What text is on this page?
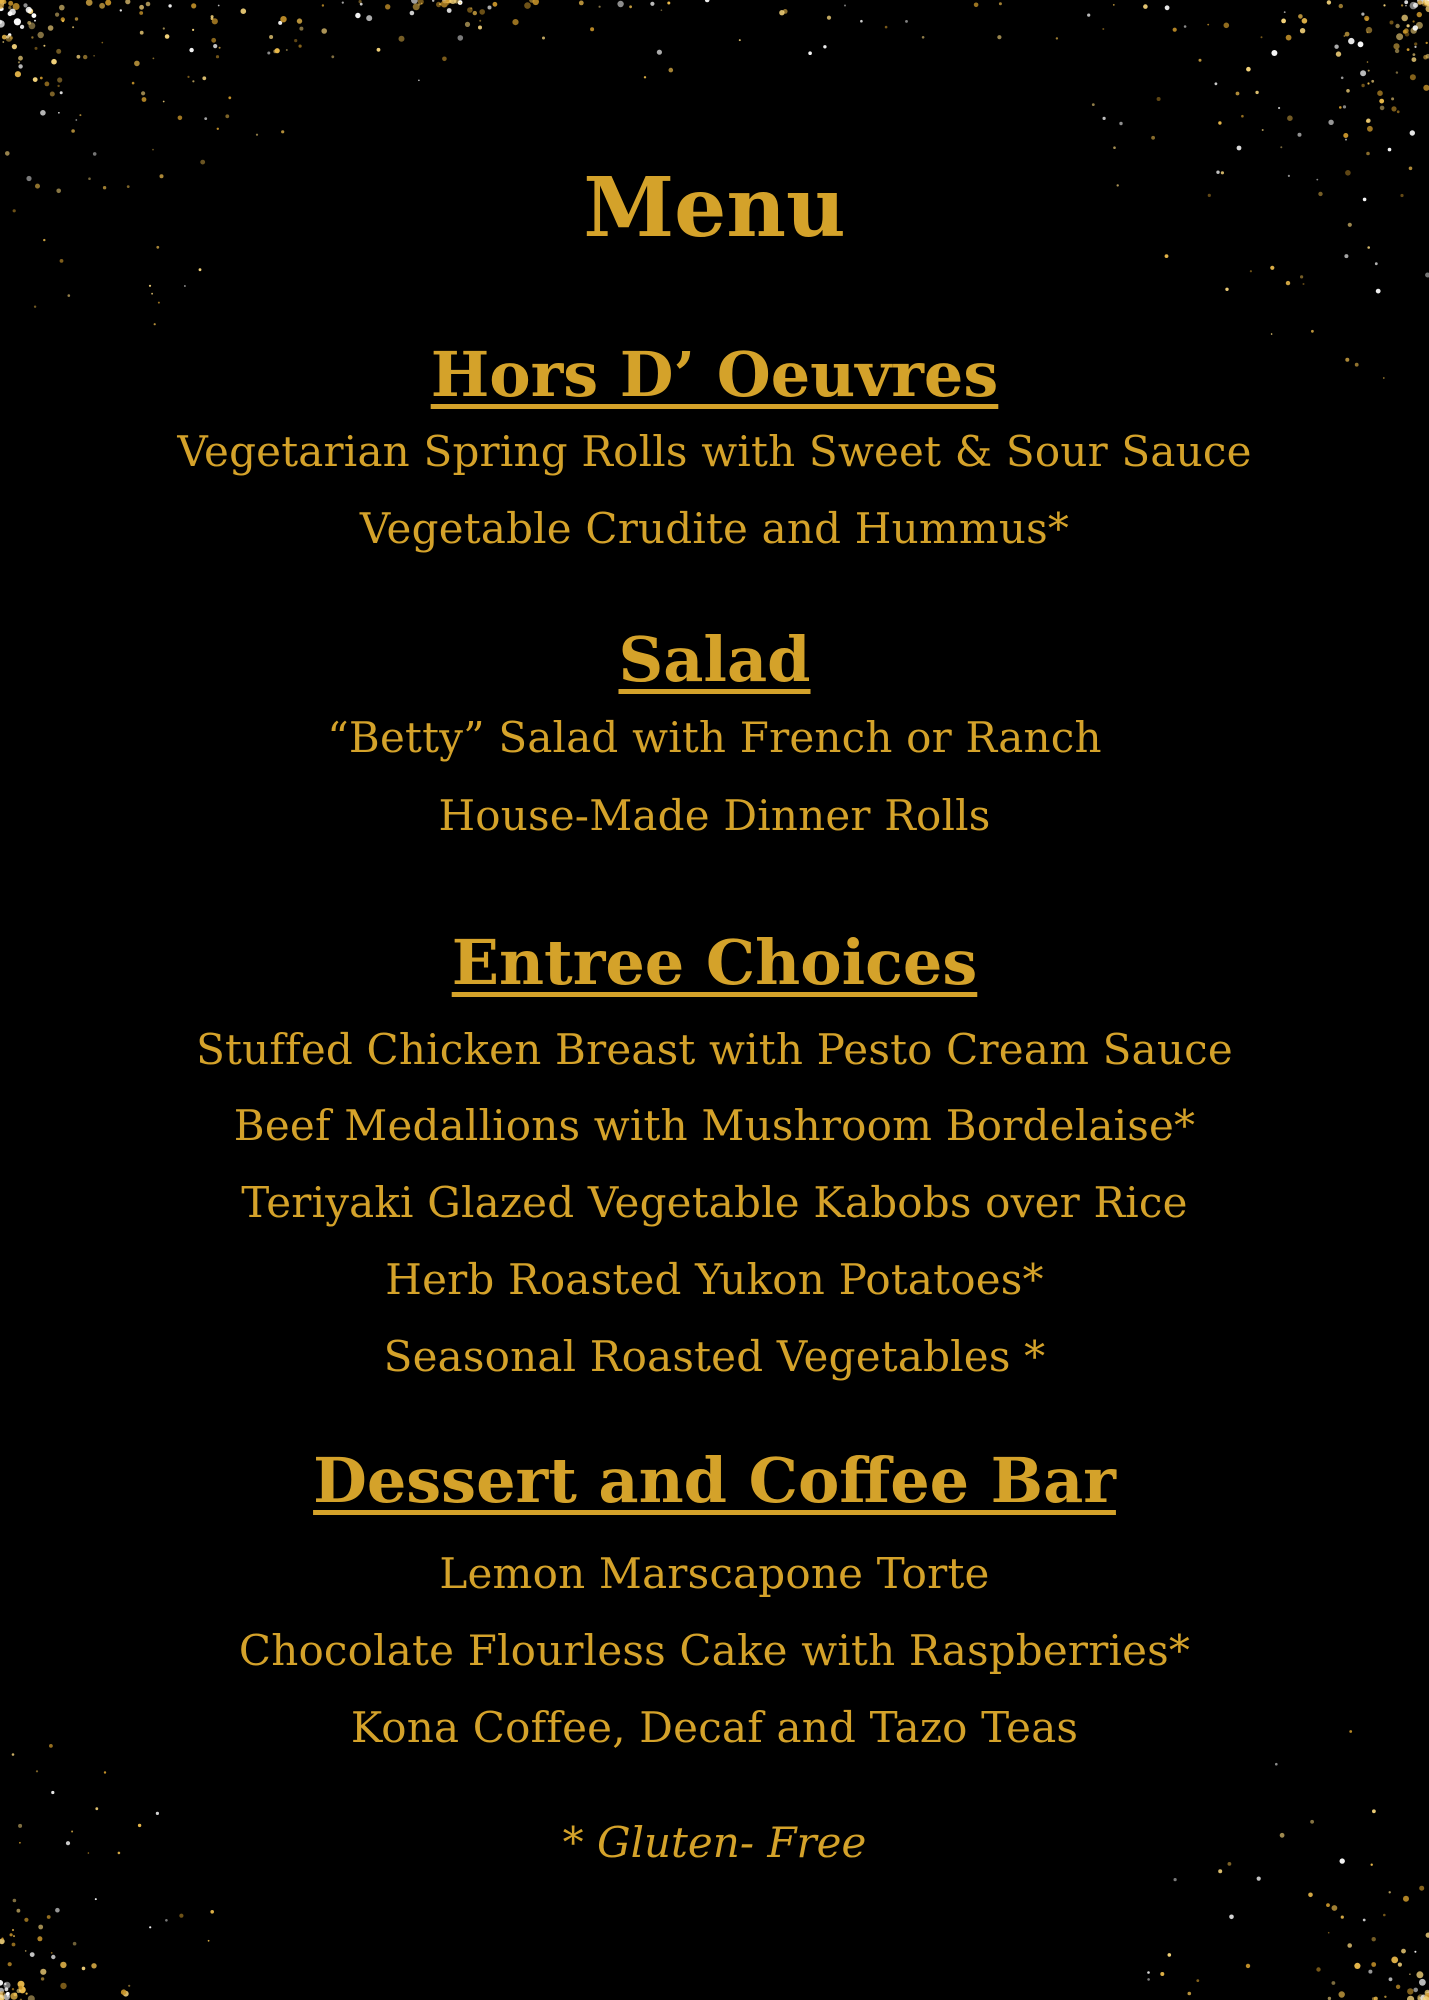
Menu
Hors D’ Oeuvres
Vegetarian Spring Rolls with Sweet & Sour Sauce
Vegetable Crudite and Hummus*
Salad
“Betty” Salad with French or Ranch
House-Made Dinner Rolls
Entree Choices
Stuffed Chicken Breast with Pesto Cream Sauce
Beef Medallions with Mushroom Bordelaise*
Teriyaki Glazed Vegetable Kabobs over Rice
Herb Roasted Yukon Potatoes*
Seasonal Roasted Vegetables *
Dessert and Coffee Bar
Lemon Marscapone Torte
Chocolate Flourless Cake with Raspberries*
Kona Coffee, Decaf and Tazo Teas
* Gluten- Free
